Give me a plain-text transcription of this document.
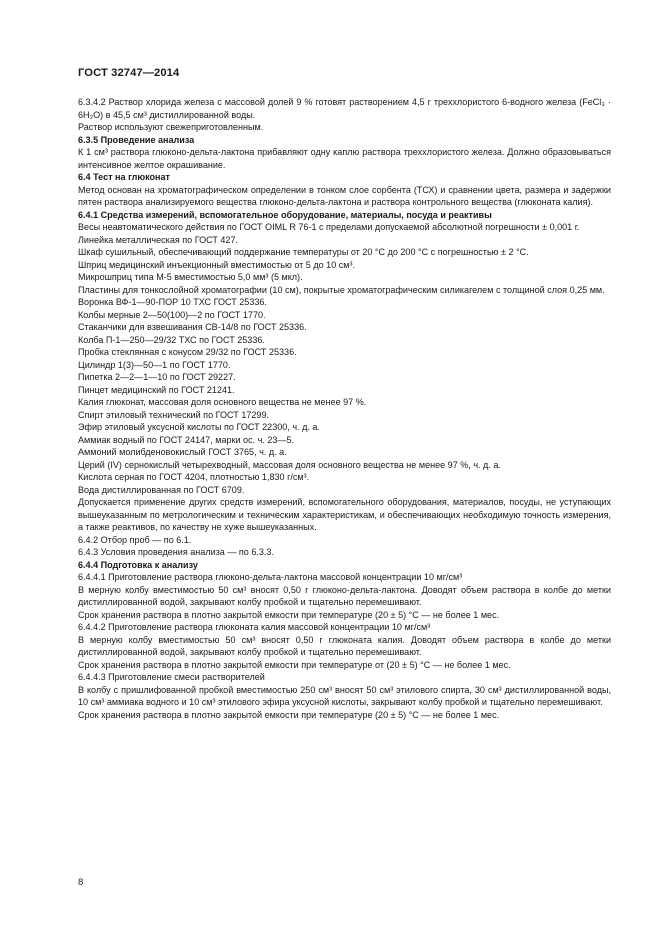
ГОСТ 32747—2014

6.3.4.2 Раствор хлорида железа с массовой долей 9 % готовят растворением 4,5 г треххлористого 6-водного железа (FeCl₃ · 6H₂O) в 45,5 см³ дистиллированной воды.

Раствор используют свежеприготовленным.

6.3.5 Проведение анализа

К 1 см³ раствора глюконо-дельта-лактона прибавляют одну каплю раствора треххлористого железа. Должно образовываться интенсивное желтое окрашивание.

6.4 Тест на глюконат

Метод основан на хроматографическом определении в тонком слое сорбента (ТСХ) и сравнении цвета, размера и задержки пятен раствора анализируемого вещества глюконо-дельта-лактона и раствора контрольного вещества (глюконата калия).

6.4.1 Средства измерений, вспомогательное оборудование, материалы, посуда и реактивы

Весы неавтоматического действия по ГОСТ OIML R 76-1 с пределами допускаемой абсолютной погрешности ± 0,001 г.

Линейка металлическая по ГОСТ 427.

Шкаф сушильный, обеспечивающий поддержание температуры от 20 °С до 200 °С с погрешностью ± 2 °С.

Шприц медицинский инъекционный вместимостью от 5 до 10 см³.

Микрошприц типа М-5 вместимостью 5,0 мм³ (5 мкл).

Пластины для тонкослойной хроматографии (10 см), покрытые хроматографическим силикагелем с толщиной слоя 0,25 мм.

Воронка ВФ-1—90-ПОР 10 ТХС ГОСТ 25336.

Колбы мерные 2—50(100)—2 по ГОСТ 1770.

Стаканчики для взвешивания СВ-14/8 по ГОСТ 25336.

Колба П-1—250—29/32 ТХС по ГОСТ 25336.

Пробка стеклянная с конусом 29/32 по ГОСТ 25336.

Цилиндр 1(3)—50—1 по ГОСТ 1770.

Пипетка 2—2—1—10 по ГОСТ 29227.

Пинцет медицинский по ГОСТ 21241.

Калия глюконат, массовая доля основного вещества не менее 97 %.

Спирт этиловый технический по ГОСТ 17299.

Эфир этиловый уксусной кислоты по ГОСТ 22300, ч. д. а.

Аммиак водный по ГОСТ 24147, марки ос. ч. 23—5.

Аммоний молибденовокислый ГОСТ 3765, ч. д. а.

Церий (IV) сернокислый четырехводный, массовая доля основного вещества не менее 97 %, ч. д. а.

Кислота серная по ГОСТ 4204, плотностью 1,830 г/см³.

Вода дистиллированная по ГОСТ 6709.

Допускается применение других средств измерений, вспомогательного оборудования, материалов, посуды, не уступающих вышеуказанным по метрологическим и техническим характеристикам, и обеспечивающих необходимую точность измерения, а также реактивов, по качеству не хуже вышеуказанных.

6.4.2 Отбор проб — по 6.1.

6.4.3 Условия проведения анализа — по 6.3.3.

6.4.4 Подготовка к анализу

6.4.4.1 Приготовление раствора глюконо-дельта-лактона массовой концентрации 10 мг/см³

В мерную колбу вместимостью 50 см³ вносят 0,50 г глюконо-дельта-лактона. Доводят объем раствора в колбе до метки дистиллированной водой, закрывают колбу пробкой и тщательно перемешивают.

Срок хранения раствора в плотно закрытой емкости при температуре (20 ± 5) °С — не более 1 мес.

6.4.4.2 Приготовление раствора глюконата калия массовой концентрации 10 мг/см³

В мерную колбу вместимостью 50 см³ вносят 0,50 г глюконата калия. Доводят объем раствора в колбе до метки дистиллированной водой, закрывают колбу пробкой и тщательно перемешивают.

Срок хранения раствора в плотно закрытой емкости при температуре от (20 ± 5) °С — не более 1 мес.

6.4.4.3 Приготовление смеси растворителей

В колбу с пришлифованной пробкой вместимостью 250 см³ вносят 50 см³ этилового спирта, 30 см³ дистиллированной воды, 10 см³ аммиака водного и 10 см³ этилового эфира уксусной кислоты, закрывают колбу пробкой и тщательно перемешивают.

Срок хранения раствора в плотно закрытой емкости при температуре (20 ± 5) °С — не более 1 мес.

8
